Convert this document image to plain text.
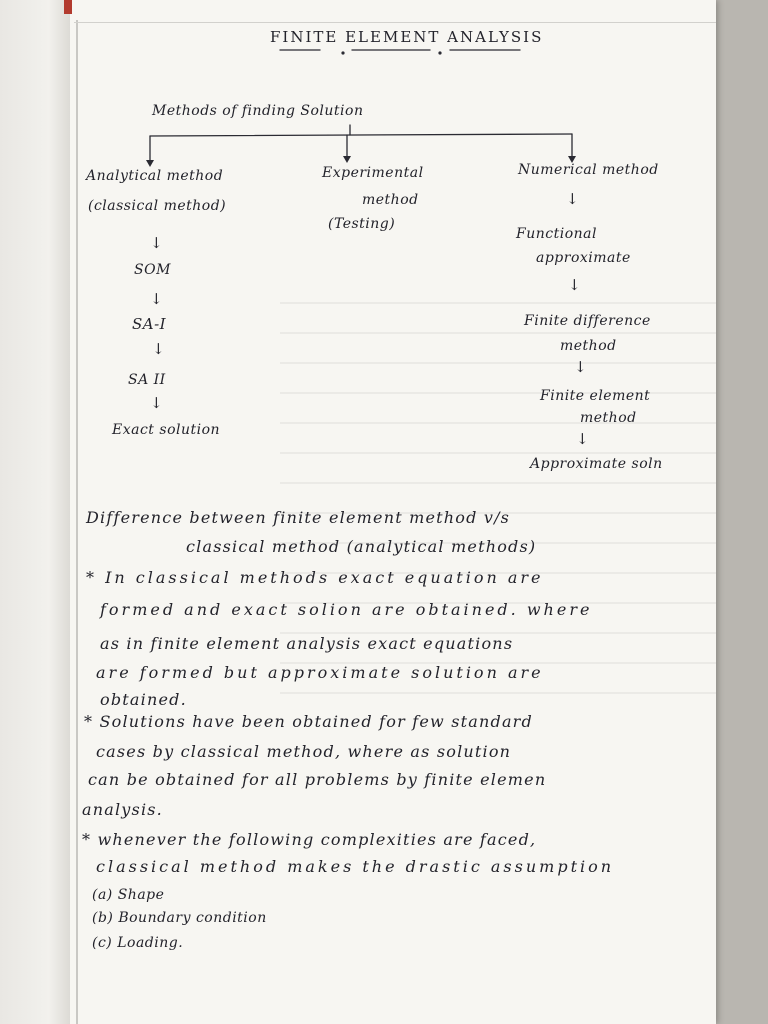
FINITE ELEMENT ANALYSIS
Methods of finding Solution
Analytical method
(classical method)
↓
SOM
↓
SA-I
↓
SA II
↓
Exact solution
Experimental
method
(Testing)
Numerical method
↓
Functional
approximate
↓
Finite difference
method
↓
Finite element
method
↓
Approximate soln
Difference between finite element method v/s
classical method (analytical methods)
* In classical methods exact equation are
formed and exact solion are obtained. where
as in finite element analysis exact equations
are formed but approximate solution are
obtained.
* Solutions have been obtained for few standard
cases by classical method, where as solution
can be obtained for all problems by finite elemen
analysis.
* whenever the following complexities are faced,
classical method makes the drastic assumption
(a) Shape
(b) Boundary condition
(c) Loading.
